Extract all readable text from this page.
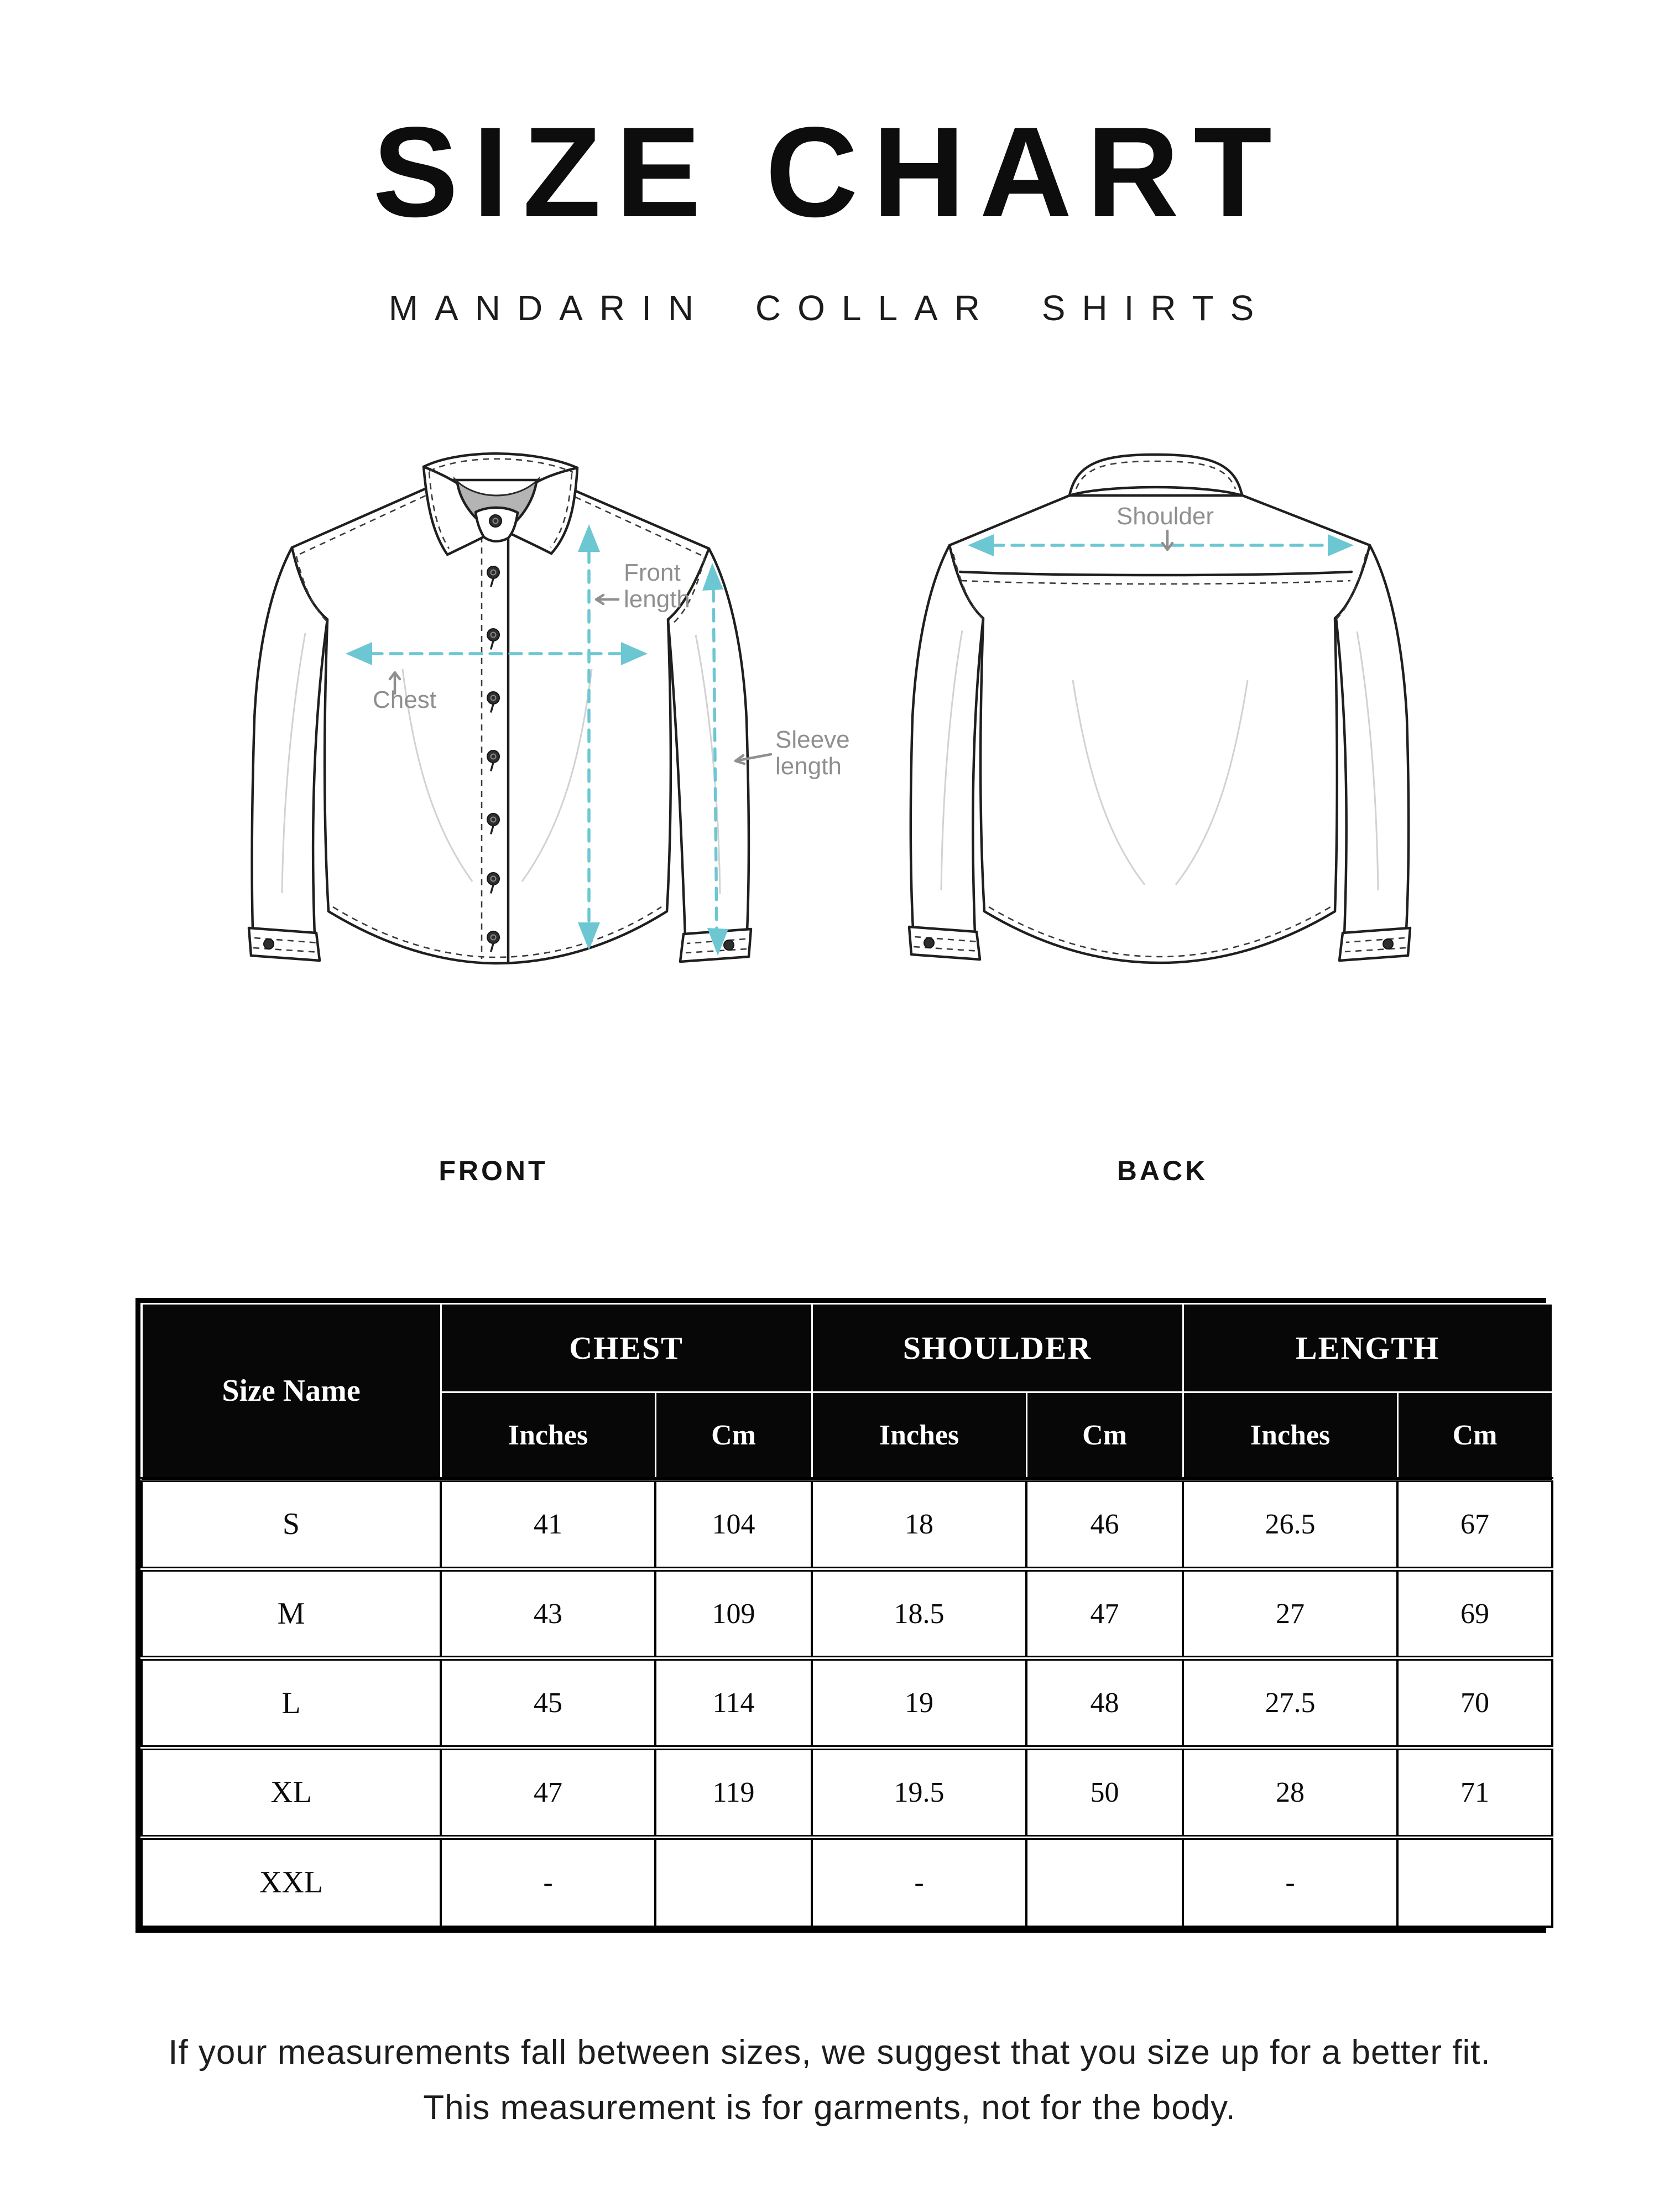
SIZE CHART
MANDARIN COLLAR SHIRTS
Front
length
Chest
Sleeve
length
Shoulder
FRONT	BACK
Size Name	CHEST		SHOULDER		LENGTH	
	Inches	Cm	Inches	Cm	Inches	Cm
S	41	104	18	46	26.5	67
M	43	109	18.5	47	27	69
L	45	114	19	48	27.5	70
XL	47	119	19.5	50	28	71
XXL	-		-		-	
If your measurements fall between sizes, we suggest that you size up for a better fit.
This measurement is for garments, not for the body.
